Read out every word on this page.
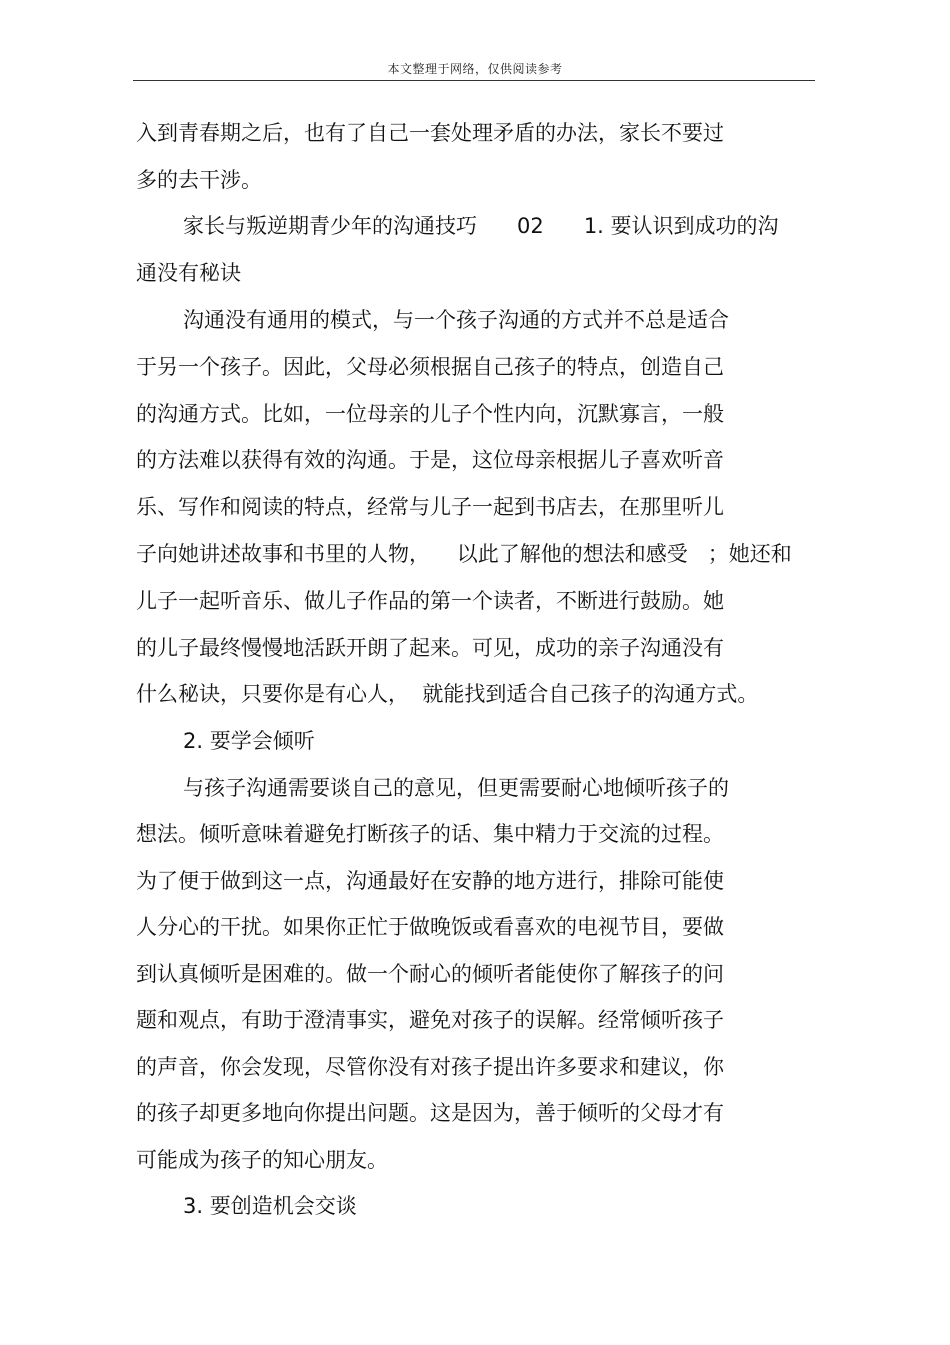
本文整理于网络，仅供阅读参考
入到青春期之后，也有了自己一套处理矛盾的办法，家长不要过
多的去干涉。
家长与叛逆期青少年的沟通技巧      02      1. 要认识到成功的沟
通没有秘诀
沟通没有通用的模式，与一个孩子沟通的方式并不总是适合
于另一个孩子。因此，父母必须根据自己孩子的特点，创造自己
的沟通方式。比如，一位母亲的儿子个性内向，沉默寡言，一般
的方法难以获得有效的沟通。于是，这位母亲根据儿子喜欢听音
乐、写作和阅读的特点，经常与儿子一起到书店去，在那里听儿
子向她讲述故事和书里的人物，    以此了解他的想法和感受   ；她还和
儿子一起听音乐、做儿子作品的第一个读者，不断进行鼓励。她
的儿子最终慢慢地活跃开朗了起来。可见，成功的亲子沟通没有
什么秘诀，只要你是有心人，  就能找到适合自己孩子的沟通方式。
2. 要学会倾听
与孩子沟通需要谈自己的意见，但更需要耐心地倾听孩子的
想法。倾听意味着避免打断孩子的话、集中精力于交流的过程。
为了便于做到这一点，沟通最好在安静的地方进行，排除可能使
人分心的干扰。如果你正忙于做晚饭或看喜欢的电视节目，要做
到认真倾听是困难的。做一个耐心的倾听者能使你了解孩子的问
题和观点，有助于澄清事实，避免对孩子的误解。经常倾听孩子
的声音，你会发现，尽管你没有对孩子提出许多要求和建议，你
的孩子却更多地向你提出问题。这是因为，善于倾听的父母才有
可能成为孩子的知心朋友。
3. 要创造机会交谈
